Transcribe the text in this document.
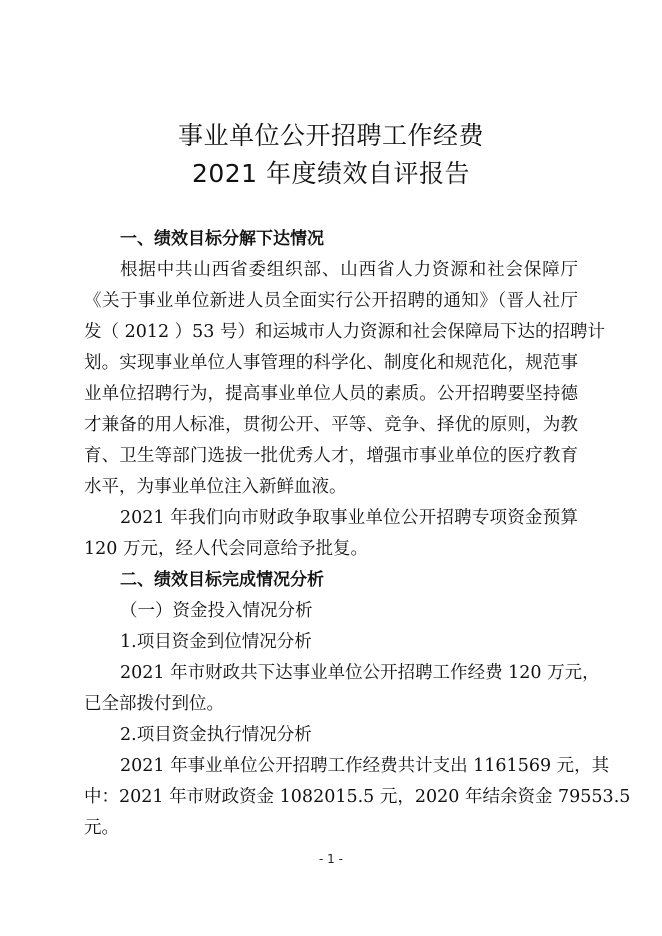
事业单位公开招聘工作经费
2021 年度绩效自评报告
一、绩效目标分解下达情况
根据中共山西省委组织部、山西省人力资源和社会保障厅
《关于事业单位新进人员全面实行公开招聘的通知》（晋人社厅
发（ 2012 ）53 号）和运城市人力资源和社会保障局下达的招聘计
划。实现事业单位人事管理的科学化、制度化和规范化，规范事
业单位招聘行为，提高事业单位人员的素质。公开招聘要坚持德
才兼备的用人标准，贯彻公开、平等、竞争、择优的原则，为教
育、卫生等部门选拔一批优秀人才，增强市事业单位的医疗教育
水平，为事业单位注入新鲜血液。
2021 年我们向市财政争取事业单位公开招聘专项资金预算
120 万元，经人代会同意给予批复。
二、绩效目标完成情况分析
（一）资金投入情况分析
1.项目资金到位情况分析
2021 年市财政共下达事业单位公开招聘工作经费 120 万元，
已全部拨付到位。
2.项目资金执行情况分析
2021 年事业单位公开招聘工作经费共计支出 1161569 元，其
中：2021 年市财政资金 1082015.5 元，2020 年结余资金 79553.5
元。
- 1 -
